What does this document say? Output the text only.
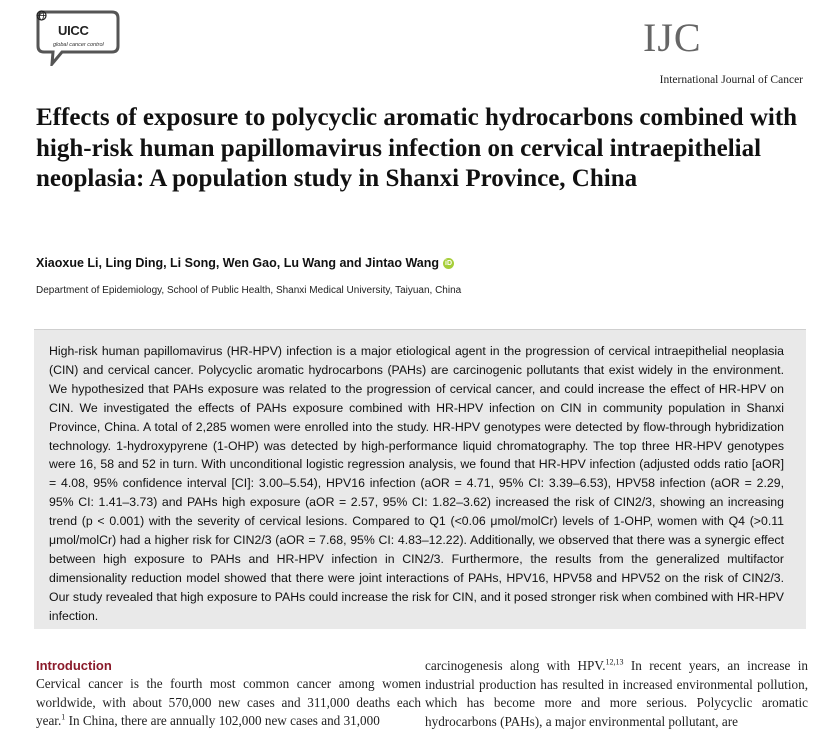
UICC
global cancer control	IJC
International Journal of Cancer
Effects of exposure to polycyclic aromatic hydrocarbons combined with high-risk human papillomavirus infection on cervical intraepithelial neoplasia: A population study in Shanxi Province, China
Xiaoxue Li, Ling Ding, Li Song, Wen Gao, Lu Wang and Jintao Wang iD
Department of Epidemiology, School of Public Health, Shanxi Medical University, Taiyuan, China

High-risk human papillomavirus (HR-HPV) infection is a major etiological agent in the progression of cervical intraepithelial neoplasia (CIN) and cervical cancer. Polycyclic aromatic hydrocarbons (PAHs) are carcinogenic pollutants that exist widely in the environment. We hypothesized that PAHs exposure was related to the progression of cervical cancer, and could increase the effect of HR-HPV on CIN. We investigated the effects of PAHs exposure combined with HR-HPV infection on CIN in community population in Shanxi Province, China. A total of 2,285 women were enrolled into the study. HR-HPV genotypes were detected by flow-through hybridization technology. 1-hydroxypyrene (1-OHP) was detected by high-performance liquid chromatography. The top three HR-HPV genotypes were 16, 58 and 52 in turn. With unconditional logistic regression analysis, we found that HR-HPV infection (adjusted odds ratio [aOR] = 4.08, 95% confidence interval [CI]: 3.00–5.54), HPV16 infection (aOR = 4.71, 95% CI: 3.39–6.53), HPV58 infection (aOR = 2.29, 95% CI: 1.41–3.73) and PAHs high exposure (aOR = 2.57, 95% CI: 1.82–3.62) increased the risk of CIN2/3, showing an increasing trend (p < 0.001) with the severity of cervical lesions. Compared to Q1 (<0.06 μmol/molCr) levels of 1-OHP, women with Q4 (>0.11 μmol/molCr) had a higher risk for CIN2/3 (aOR = 7.68, 95% CI: 4.83–12.22). Additionally, we observed that there was a synergic effect between high exposure to PAHs and HR-HPV infection in CIN2/3. Furthermore, the results from the generalized multifactor dimensionality reduction model showed that there were joint interactions of PAHs, HPV16, HPV58 and HPV52 on the risk of CIN2/3. Our study revealed that high exposure to PAHs could increase the risk for CIN, and it posed stronger risk when combined with HR-HPV infection.

Introduction

Cervical cancer is the fourth most common cancer among women worldwide, with about 570,000 new cases and 311,000 deaths each year.$^1$ In China, there are annually 102,000 new cases and 31,000

carcinogenesis along with HPV.$^{12,13}$ In recent years, an increase in industrial production has resulted in increased environmental pollution, which has become more and more serious. Polycyclic aromatic hydrocarbons (PAHs), a major environmental pollutant, are
